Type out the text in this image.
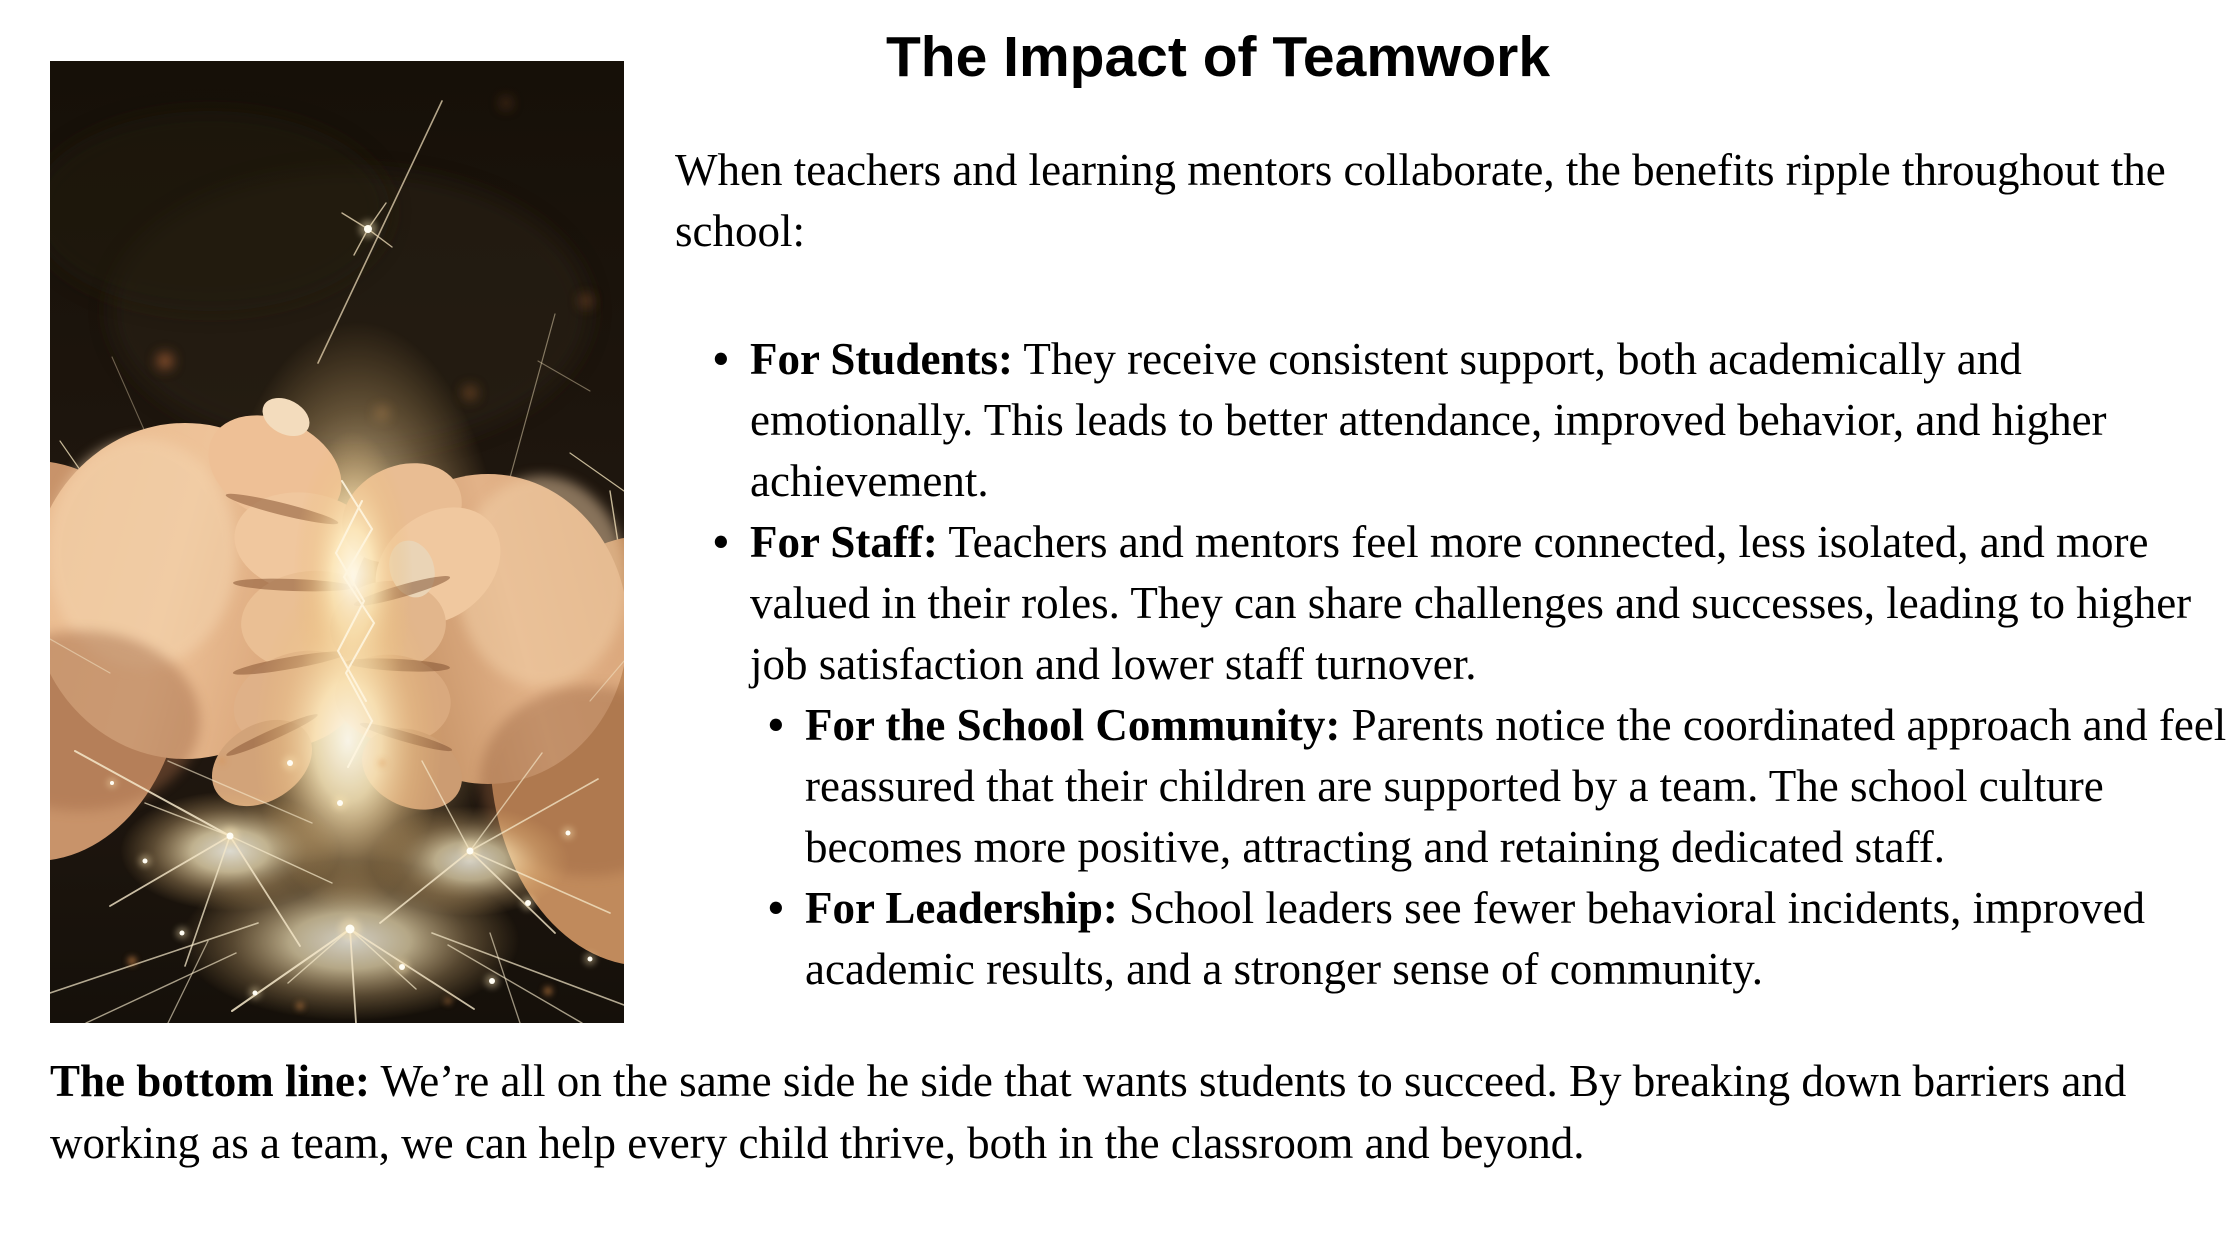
The Impact of Teamwork

When teachers and learning mentors collaborate, the benefits ripple throughout the school:

• For Students: They receive consistent support, both academically and emotionally. This leads to better attendance, improved behavior, and higher achievement.
• For Staff: Teachers and mentors feel more connected, less isolated, and more valued in their roles. They can share challenges and successes, leading to higher job satisfaction and lower staff turnover.
• For the School Community: Parents notice the coordinated approach and feel reassured that their children are supported by a team. The school culture becomes more positive, attracting and retaining dedicated staff.
• For Leadership: School leaders see fewer behavioral incidents, improved academic results, and a stronger sense of community.

The bottom line: We’re all on the same side he side that wants students to succeed. By breaking down barriers and working as a team, we can help every child thrive, both in the classroom and beyond.
